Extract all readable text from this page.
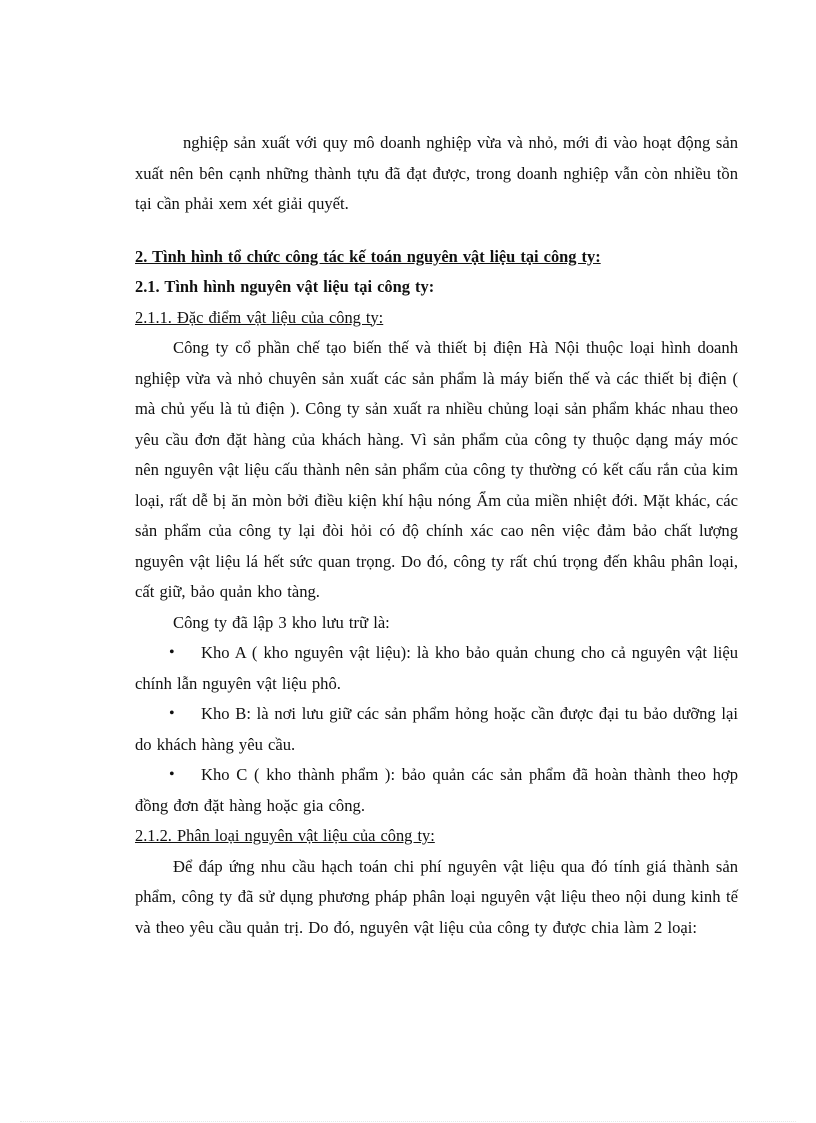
nghiệp sản xuất với quy mô doanh nghiệp vừa và nhỏ, mới đi vào hoạt động sản xuất nên bên cạnh những thành tựu đã đạt được, trong doanh nghiệp vẫn còn nhiều tồn tại cần phải xem xét giải quyết.

2. Tình hình tổ chức công tác kế toán nguyên vật liệu tại công ty:

2.1. Tình hình nguyên vật liệu tại công ty:

2.1.1. Đặc điểm vật liệu của công ty:

Công ty cổ phần chế tạo biến thế và thiết bị điện Hà Nội thuộc loại hình doanh nghiệp vừa và nhỏ chuyên sản xuất các sản phẩm là máy biến thế và các thiết bị điện ( mà chủ yếu là tủ điện ). Công ty sản xuất ra nhiều chủng loại sản phẩm khác nhau theo yêu cầu đơn đặt hàng của khách hàng. Vì sản phẩm của công ty thuộc dạng máy móc nên nguyên vật liệu cấu thành nên sản phẩm của công ty thường có kết cấu rắn của kim loại, rất dễ bị ăn mòn bởi điều kiện khí hậu nóng Ẩm của miền nhiệt đới. Mặt khác, các sản phẩm của công ty lại đòi hỏi có độ chính xác cao nên việc đảm bảo chất lượng nguyên vật liệu lá hết sức quan trọng. Do đó, công ty rất chú trọng đến khâu phân loại, cất giữ, bảo quản kho tàng.

Công ty đã lập 3 kho lưu trữ là:

•	Kho A ( kho nguyên vật liệu): là kho bảo quản chung cho cả nguyên vật liệu chính lẫn nguyên vật liệu phô.

•	Kho B: là nơi lưu giữ các sản phẩm hỏng hoặc cần được đại tu bảo dưỡng lại do khách hàng yêu cầu.

•	Kho C ( kho thành phẩm ): bảo quản các sản phẩm đã hoàn thành theo hợp đồng đơn đặt hàng hoặc gia công.

2.1.2. Phân loại nguyên vật liệu của công ty:

Để đáp ứng nhu cầu hạch toán chi phí nguyên vật liệu qua đó tính giá thành sản phẩm, công ty đã sử dụng phương pháp phân loại nguyên vật liệu theo nội dung kinh tế và theo yêu cầu quản trị. Do đó, nguyên vật liệu của công ty được chia làm 2 loại:
